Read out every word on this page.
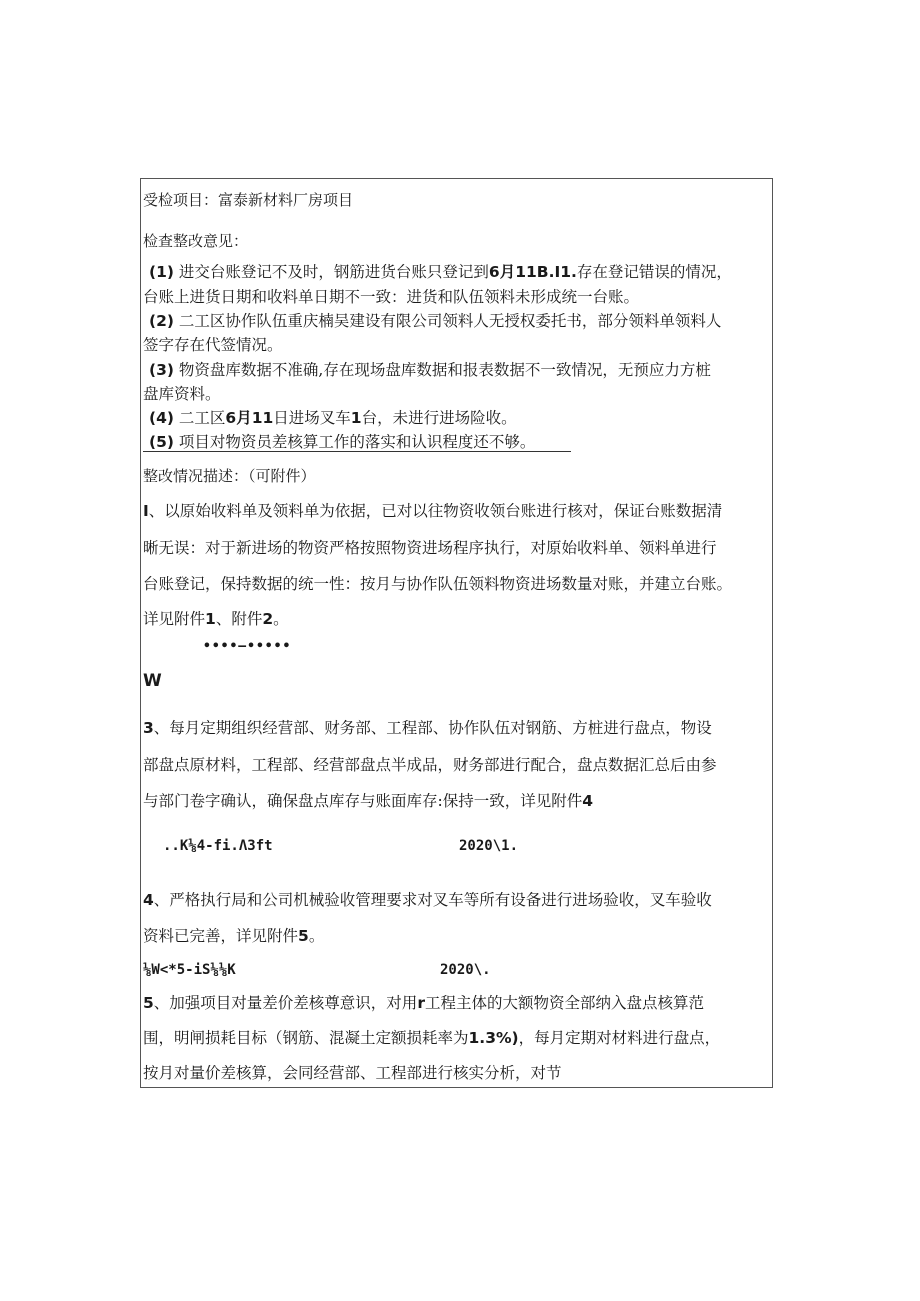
受检项目：富泰新材料厂房项目
检查整改意见：
(1) 进交台账登记不及时，钢筋进货台账只登记到6月11B.I1.存在登记错误的情况，
台账上进货日期和收料单日期不一致：进货和队伍领料未形成统一台账。
(2) 二工区协作队伍重庆楠吴建设有限公司领料人无授权委托书，部分领料单领料人
签字存在代签情况。
(3) 物资盘库数据不准确,存在现场盘库数据和报表数据不一致情况，无预应力方桩
盘库资料。
(4) 二工区6月11日进场叉车1台，未进行进场险收。
(5) 项目对物资员差核算工作的落实和认识程度还不够。
整改情况描述：（可附件）
I、以原始收料单及领料单为依据，已对以往物资收领台账进行核对，保证台账数据清
晰无误：对于新进场的物资严格按照物资进场程序执行，对原始收料单、领料单进行
台账登记，保持数据的统一性：按月与协作队伍领料物资进场数量对账，并建立台账。
详见附件1、附件2。
••••—•••••
W
3、每月定期组织经营部、财务部、工程部、协作队伍对钢筋、方桩进行盘点，物设
部盘点原材料，工程部、经营部盘点半成品，财务部进行配合，盘点数据汇总后由参
与部门卷字确认，确保盘点库存与账面库存:保持一致，详见附件4
..K⅛4-fi.Λ3ft	2020\1.
4、严格执行局和公司机械验收管理要求对叉车等所有设备进行进场验收，叉车验收
资料已完善，详见附件5。
⅛W<*5-iS⅛⅛K	2020\.
5、加强项目对量差价差核尊意识，对用r工程主体的大额物资全部纳入盘点核算范
围，明闸损耗目标（钢筋、混凝土定额损耗率为1.3%)，每月定期对材料进行盘点，
按月对量价差核算，会同经营部、工程部进行核实分析，对节
